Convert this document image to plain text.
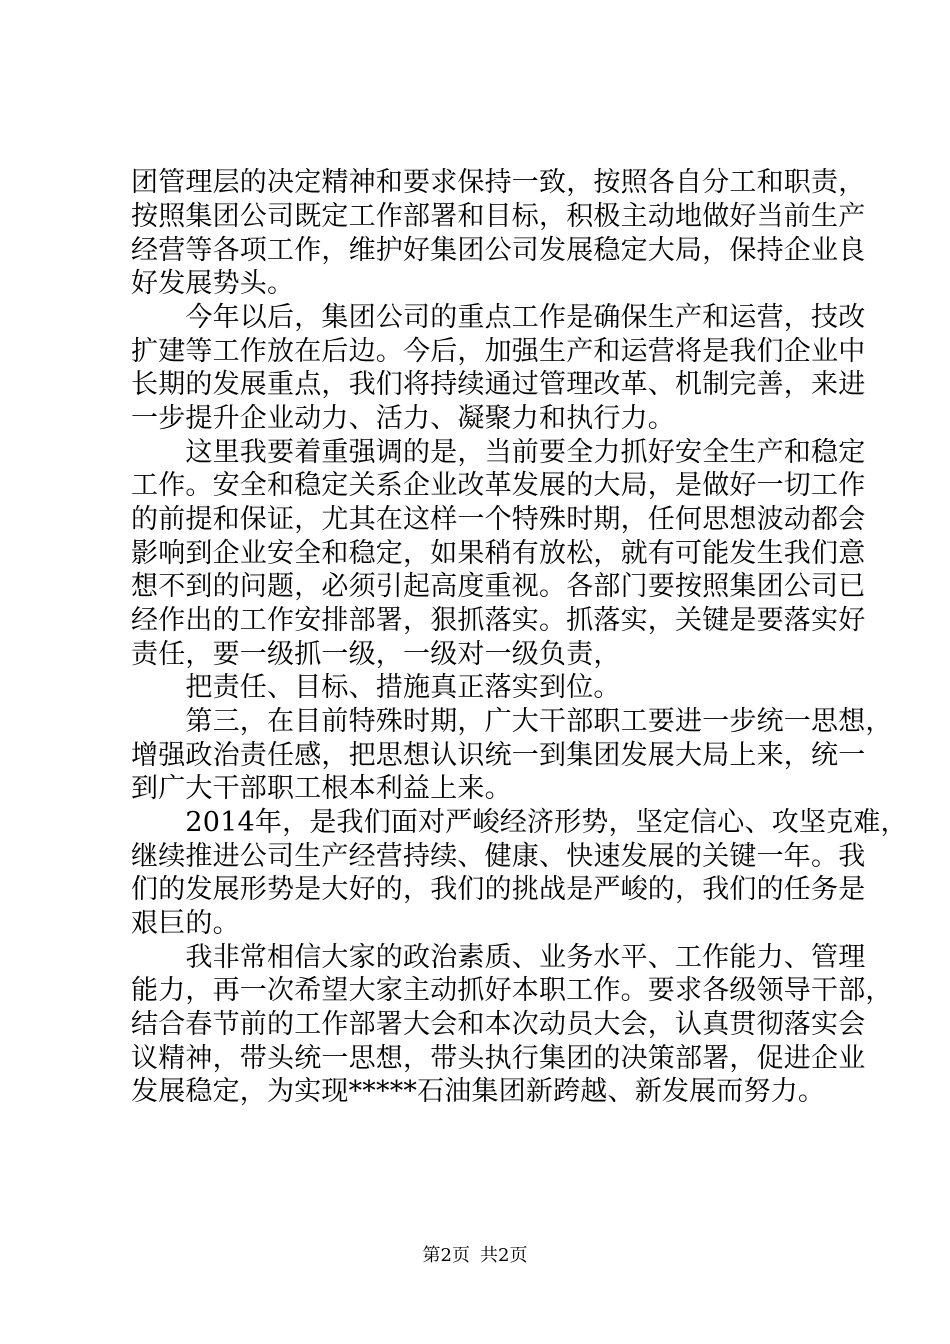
团管理层的决定精神和要求保持一致，按照各自分工和职责，
按照集团公司既定工作部署和目标，积极主动地做好当前生产
经营等各项工作，维护好集团公司发展稳定大局，保持企业良
好发展势头。
　　今年以后，集团公司的重点工作是确保生产和运营，技改
扩建等工作放在后边。今后，加强生产和运营将是我们企业中
长期的发展重点，我们将持续通过管理改革、机制完善，来进
一步提升企业动力、活力、凝聚力和执行力。
　　这里我要着重强调的是，当前要全力抓好安全生产和稳定
工作。安全和稳定关系企业改革发展的大局，是做好一切工作
的前提和保证，尤其在这样一个特殊时期，任何思想波动都会
影响到企业安全和稳定，如果稍有放松，就有可能发生我们意
想不到的问题，必须引起高度重视。各部门要按照集团公司已
经作出的工作安排部署，狠抓落实。抓落实，关键是要落实好
责任，要一级抓一级，一级对一级负责，
　　把责任、目标、措施真正落实到位。
　　第三，在目前特殊时期，广大干部职工要进一步统一思想，
增强政治责任感，把思想认识统一到集团发展大局上来，统一
到广大干部职工根本利益上来。
　　2014年，是我们面对严峻经济形势，坚定信心、攻坚克难，
继续推进公司生产经营持续、健康、快速发展的关键一年。我
们的发展形势是大好的，我们的挑战是严峻的，我们的任务是
艰巨的。
　　我非常相信大家的政治素质、业务水平、工作能力、管理
能力，再一次希望大家主动抓好本职工作。要求各级领导干部，
结合春节前的工作部署大会和本次动员大会，认真贯彻落实会
议精神，带头统一思想，带头执行集团的决策部署，促进企业
发展稳定，为实现*****石油集团新跨越、新发展而努力。
第2页 共2页
